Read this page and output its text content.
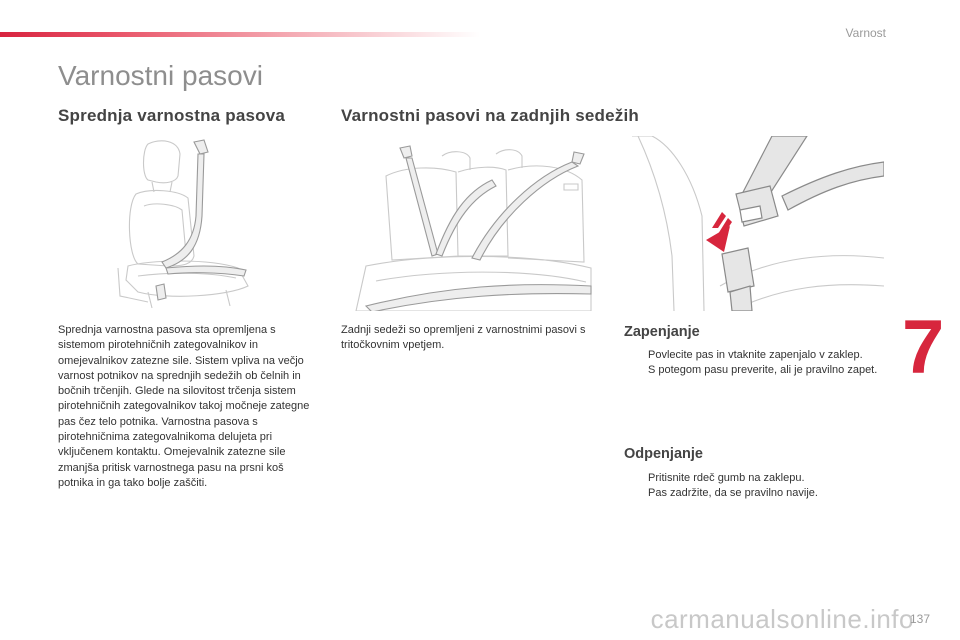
Varnost
Varnostni pasovi
Sprednja varnostna pasova	Varnostni pasovi na zadnjih sedežih

Sprednja varnostna pasova sta opremljena s sistemom pirotehničnih zategovalnikov in omejevalnikov zatezne sile. Sistem vpliva na večjo varnost potnikov na sprednjih sedežih ob čelnih in bočnih trčenjih. Glede na silovitost trčenja sistem pirotehničnih zategovalnikov takoj močneje zategne pas čez telo potnika. Varnostna pasova s pirotehničnima zategovalnikoma delujeta pri vključenem kontaktu. Omejevalnik zatezne sile zmanjša pritisk varnostnega pasu na prsni koš potnika in ga tako bolje zaščiti.

Zadnji sedeži so opremljeni z varnostnimi pasovi s tritočkovnim vpetjem.

Zapenjanje
Povlecite pas in vtaknite zapenjalo v zaklep.
S potegom pasu preverite, ali je pravilno zapet.
Odpenjanje
Pritisnite rdeč gumb na zaklepu.
Pas zadržite, da se pravilno navije.
7
carmanualsonline.info
137
